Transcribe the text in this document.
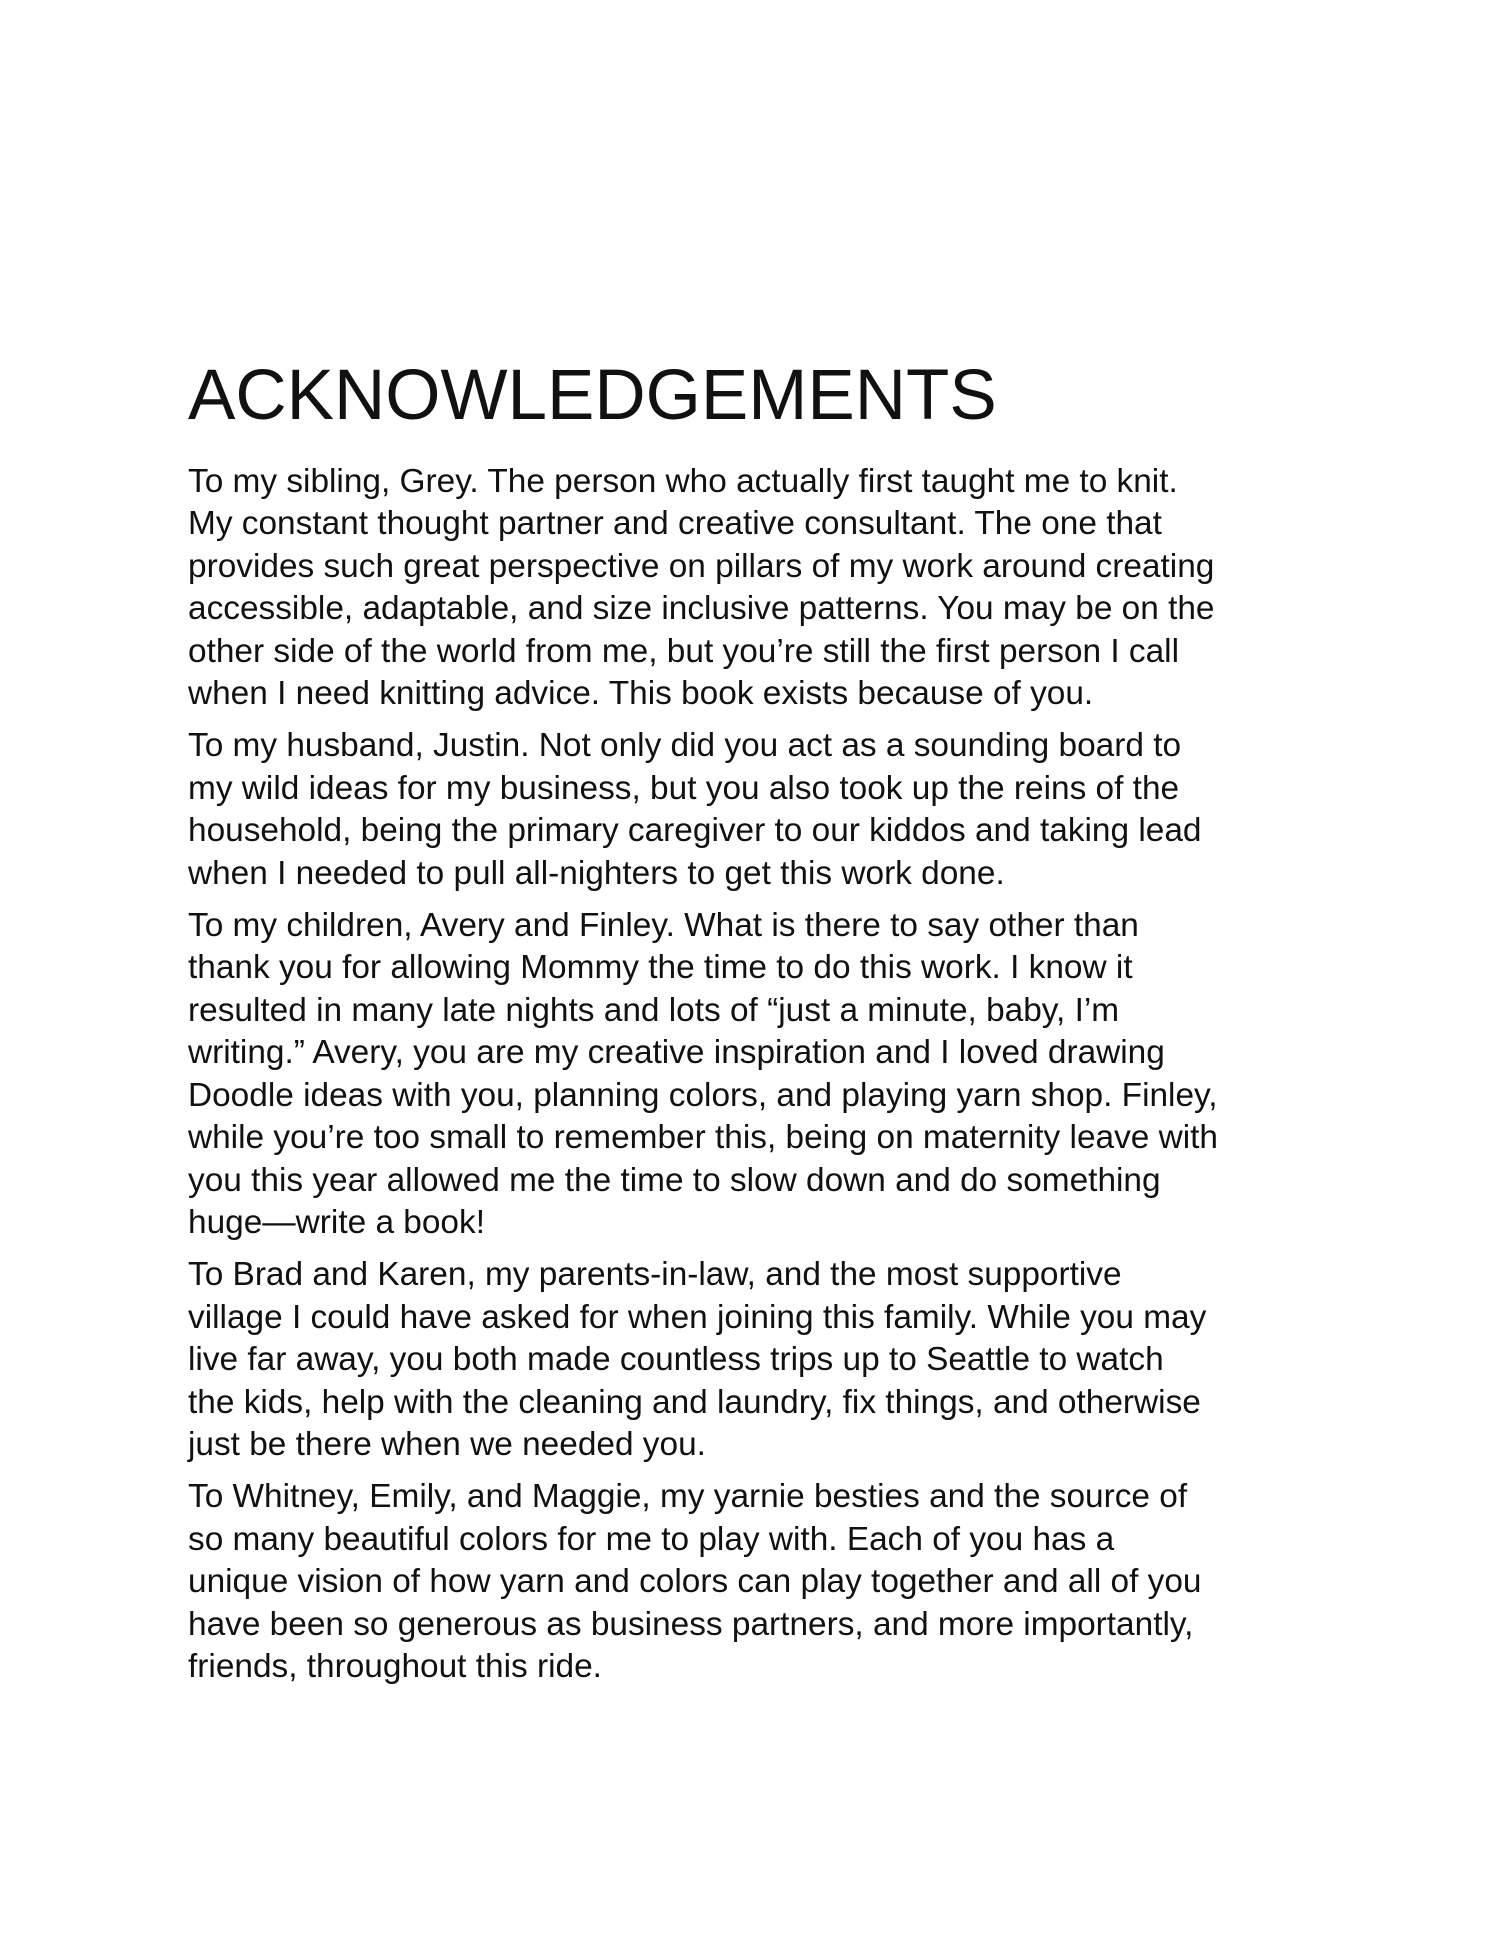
ACKNOWLEDGEMENTS

To my sibling, Grey. The person who actually first taught me to knit.
My constant thought partner and creative consultant. The one that
provides such great perspective on pillars of my work around creating
accessible, adaptable, and size inclusive patterns. You may be on the
other side of the world from me, but you’re still the first person I call
when I need knitting advice. This book exists because of you.

To my husband, Justin. Not only did you act as a sounding board to
my wild ideas for my business, but you also took up the reins of the
household, being the primary caregiver to our kiddos and taking lead
when I needed to pull all-nighters to get this work done.

To my children, Avery and Finley. What is there to say other than
thank you for allowing Mommy the time to do this work. I know it
resulted in many late nights and lots of “just a minute, baby, I’m
writing.” Avery, you are my creative inspiration and I loved drawing
Doodle ideas with you, planning colors, and playing yarn shop. Finley,
while you’re too small to remember this, being on maternity leave with
you this year allowed me the time to slow down and do something
huge—write a book!

To Brad and Karen, my parents-in-law, and the most supportive
village I could have asked for when joining this family. While you may
live far away, you both made countless trips up to Seattle to watch
the kids, help with the cleaning and laundry, fix things, and otherwise
just be there when we needed you.

To Whitney, Emily, and Maggie, my yarnie besties and the source of
so many beautiful colors for me to play with. Each of you has a
unique vision of how yarn and colors can play together and all of you
have been so generous as business partners, and more importantly,
friends, throughout this ride.
